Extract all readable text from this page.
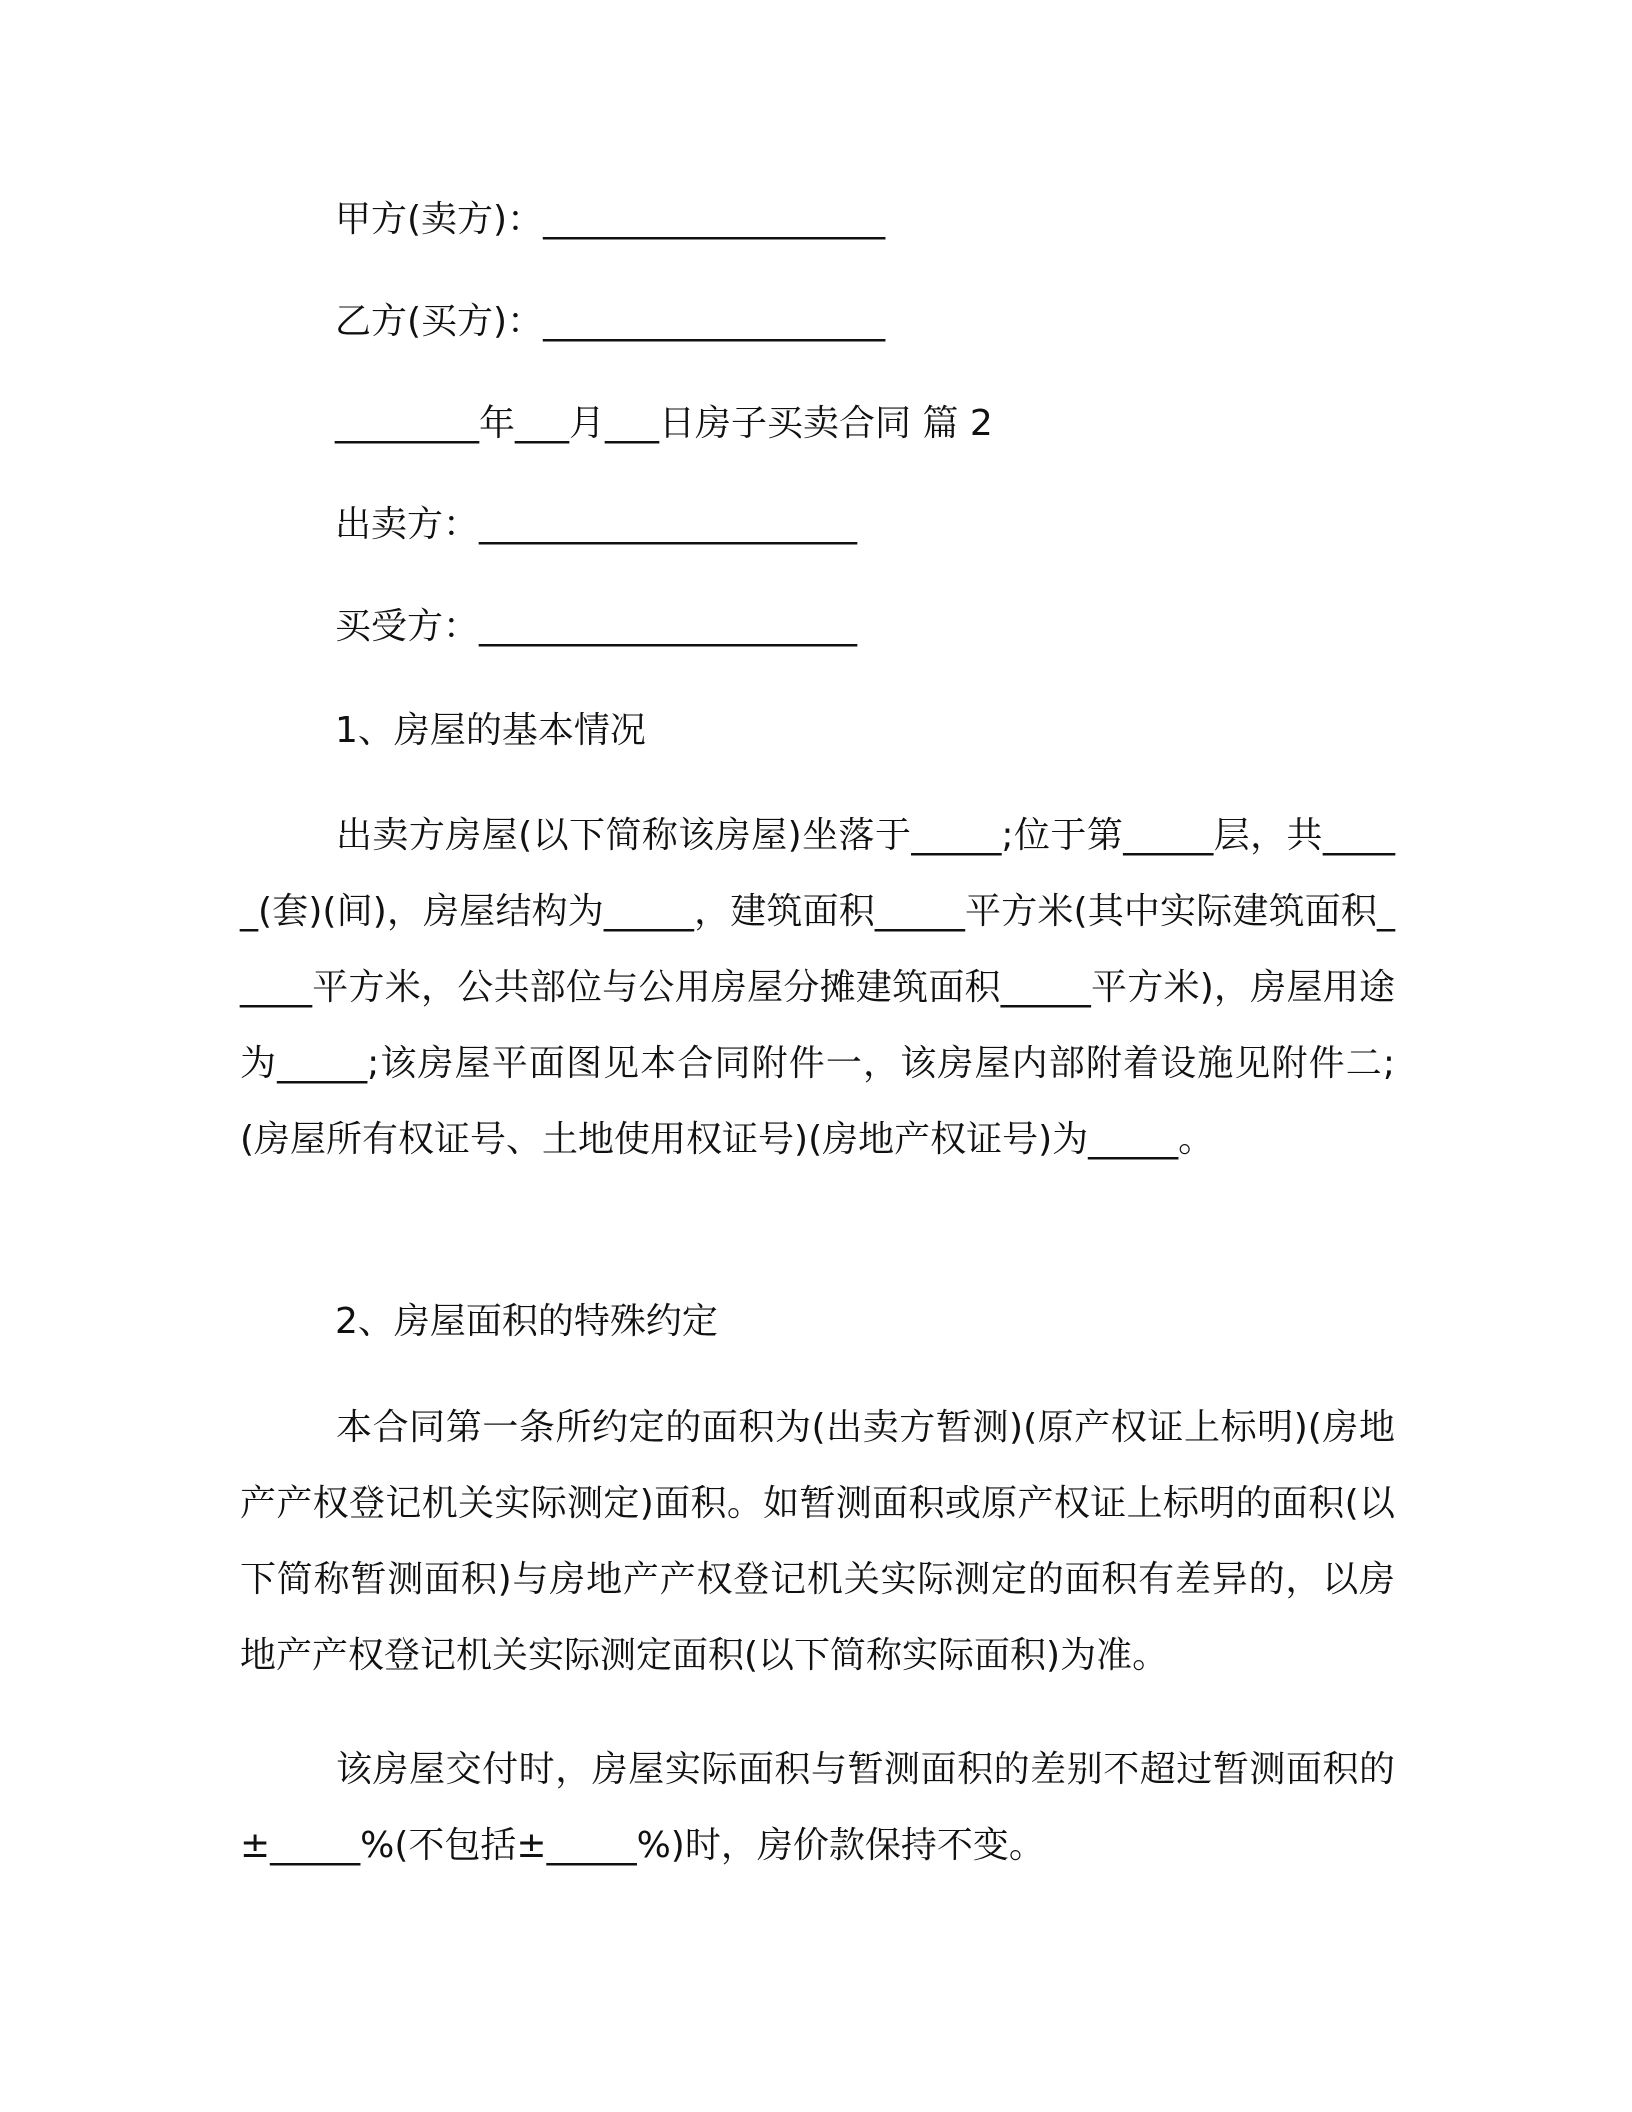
甲方(卖方)：___________________
乙方(买方)：___________________
________年___月___日房子买卖合同 篇 2
出卖方：_____________________
买受方：_____________________
1、房屋的基本情况
出卖方房屋(以下简称该房屋)坐落于_____;位于第_____层，共_____(套)(间)，房屋结构为_____，建筑面积_____平方米(其中实际建筑面积_____平方米，公共部位与公用房屋分摊建筑面积_____平方米)，房屋用途为_____;该房屋平面图见本合同附件一，该房屋内部附着设施见附件二;(房屋所有权证号、土地使用权证号)(房地产权证号)为_____。
2、房屋面积的特殊约定
本合同第一条所约定的面积为(出卖方暂测)(原产权证上标明)(房地产产权登记机关实际测定)面积。如暂测面积或原产权证上标明的面积(以下简称暂测面积)与房地产产权登记机关实际测定的面积有差异的，以房地产产权登记机关实际测定面积(以下简称实际面积)为准。
该房屋交付时，房屋实际面积与暂测面积的差别不超过暂测面积的±_____%(不包括±_____%)时，房价款保持不变。
